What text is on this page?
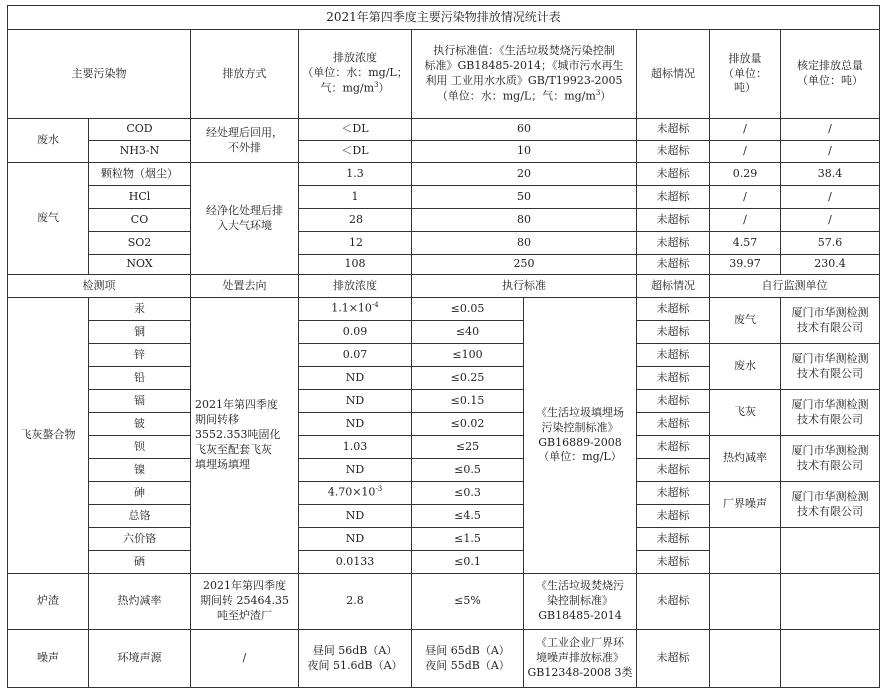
2021年第四季度主要污染物排放情况统计表								
主要污染物		排放方式	排放浓度
（单位：水：mg/L；
气：$mg/m^3$）	执行标准值：《生活垃圾焚烧污染控制
标准》GB18485-2014；《城市污水再生
利用 工业用水水质》GB/T19923-2005
（单位：水：mg/L；气：$mg/m^3$）		超标情况	排放量
（单位：
吨）	核定排放总量
（单位：吨）
废水	COD	经处理后回用，
不外排	＜DL	60		未超标	/	/
	NH3-N		＜DL	10		未超标	/	/
废气	颗粒物（烟尘）	经净化处理后排
入大气环境	1.3	20		未超标	0.29	38.4
	HCl		1	50		未超标	/	/
	CO		28	80		未超标	/	/
	SO2		12	80		未超标	4.57	57.6
	NOX		108	250		未超标	39.97	230.4
检测项		处置去向	排放浓度	执行标准		超标情况	自行监测单位	
飞灰螯合物	汞	2021年第四季度
期间转移
3552.353吨固化
飞灰至配套飞灰
填埋场填埋	$1.1\times 10^{-4}$	≤0.05	《生活垃圾填埋场
污染控制标准》
GB16889-2008
（单位：mg/L）	未超标	废气	厦门市华测检测
技术有限公司
	铜		0.09	≤40		未超标		
	锌		0.07	≤100		未超标	废水	厦门市华测检测
技术有限公司
	铅		ND	≤0.25		未超标		
	镉		ND	≤0.15		未超标	飞灰	厦门市华测检测
技术有限公司
	铍		ND	≤0.02		未超标		
	钡		1.03	≤25		未超标	热灼减率	厦门市华测检测
技术有限公司
	镍		ND	≤0.5		未超标		
	砷		$4.70\times 10^{-3}$	≤0.3		未超标	厂界噪声	厦门市华测检测
技术有限公司
	总铬		ND	≤4.5		未超标		
	六价铬		ND	≤1.5		未超标		
	硒		0.0133	≤0.1		未超标		
炉渣	热灼减率	2021年第四季度
期间转 25464.35
吨至炉渣厂	2.8	≤5%	《生活垃圾焚烧污
染控制标准》
GB18485-2014	未超标		
噪声	环境声源	/	昼间 56dB（A）
夜间 51.6dB（A）	昼间 65dB（A）
夜间 55dB（A）	《工业企业厂界环
境噪声排放标准》
GB12348-2008 3类	未超标		
